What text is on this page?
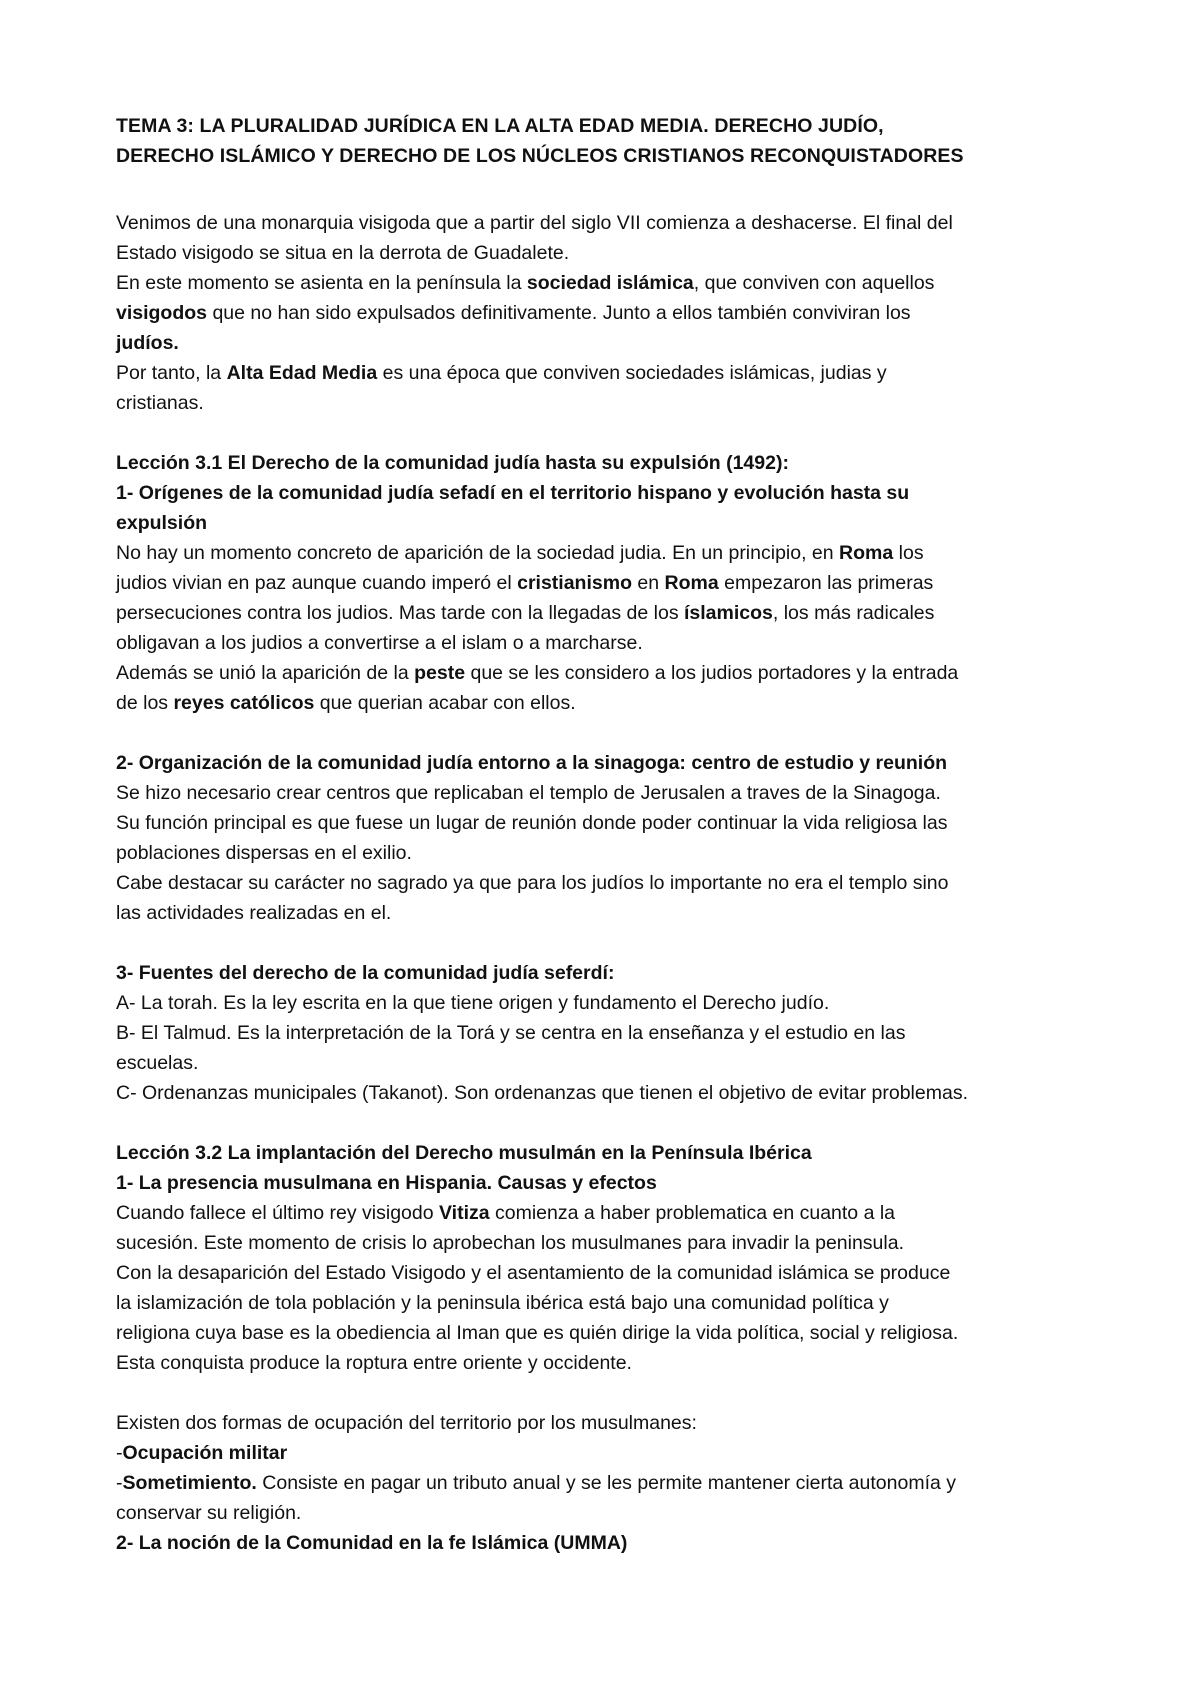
TEMA 3: LA PLURALIDAD JURÍDICA EN LA ALTA EDAD MEDIA. DERECHO JUDÍO,
DERECHO ISLÁMICO Y DERECHO DE LOS NÚCLEOS CRISTIANOS RECONQUISTADORES
Venimos de una monarquia visigoda que a partir del siglo VII comienza a deshacerse. El final del
Estado visigodo se situa en la derrota de Guadalete.
En este momento se asienta en la península la sociedad islámica, que conviven con aquellos
visigodos que no han sido expulsados definitivamente. Junto a ellos también conviviran los
judíos.
Por tanto, la Alta Edad Media es una época que conviven sociedades islámicas, judias y
cristianas.
Lección 3.1 El Derecho de la comunidad judía hasta su expulsión (1492):
1- Orígenes de la comunidad judía sefadí en el territorio hispano y evolución hasta su
expulsión
No hay un momento concreto de aparición de la sociedad judia. En un principio, en Roma los
judios vivian en paz aunque cuando imperó el cristianismo en Roma empezaron las primeras
persecuciones contra los judios. Mas tarde con la llegadas de los íslamicos, los más radicales
obligavan a los judios a convertirse a el islam o a marcharse.
Además se unió la aparición de la peste que se les considero a los judios portadores y la entrada
de los reyes católicos que querian acabar con ellos.
2- Organización de la comunidad judía entorno a la sinagoga: centro de estudio y reunión
Se hizo necesario crear centros que replicaban el templo de Jerusalen a traves de la Sinagoga.
Su función principal es que fuese un lugar de reunión donde poder continuar la vida religiosa las
poblaciones dispersas en el exilio.
Cabe destacar su carácter no sagrado ya que para los judíos lo importante no era el templo sino
las actividades realizadas en el.
3- Fuentes del derecho de la comunidad judía seferdí:
A- La torah. Es la ley escrita en la que tiene origen y fundamento el Derecho judío.
B- El Talmud. Es la interpretación de la Torá y se centra en la enseñanza y el estudio en las
escuelas.
C- Ordenanzas municipales (Takanot). Son ordenanzas que tienen el objetivo de evitar problemas.
Lección 3.2 La implantación del Derecho musulmán en la Península Ibérica
1- La presencia musulmana en Hispania. Causas y efectos
Cuando fallece el último rey visigodo Vitiza comienza a haber problematica en cuanto a la
sucesión. Este momento de crisis lo aprobechan los musulmanes para invadir la peninsula.
Con la desaparición del Estado Visigodo y el asentamiento de la comunidad islámica se produce
la islamización de tola población y la peninsula ibérica está bajo una comunidad política y
religiona cuya base es la obediencia al Iman que es quién dirige la vida política, social y religiosa.
Esta conquista produce la roptura entre oriente y occidente.
Existen dos formas de ocupación del territorio por los musulmanes:
-Ocupación militar
-Sometimiento. Consiste en pagar un tributo anual y se les permite mantener cierta autonomía y
conservar su religión.
2- La noción de la Comunidad en la fe Islámica (UMMA)
